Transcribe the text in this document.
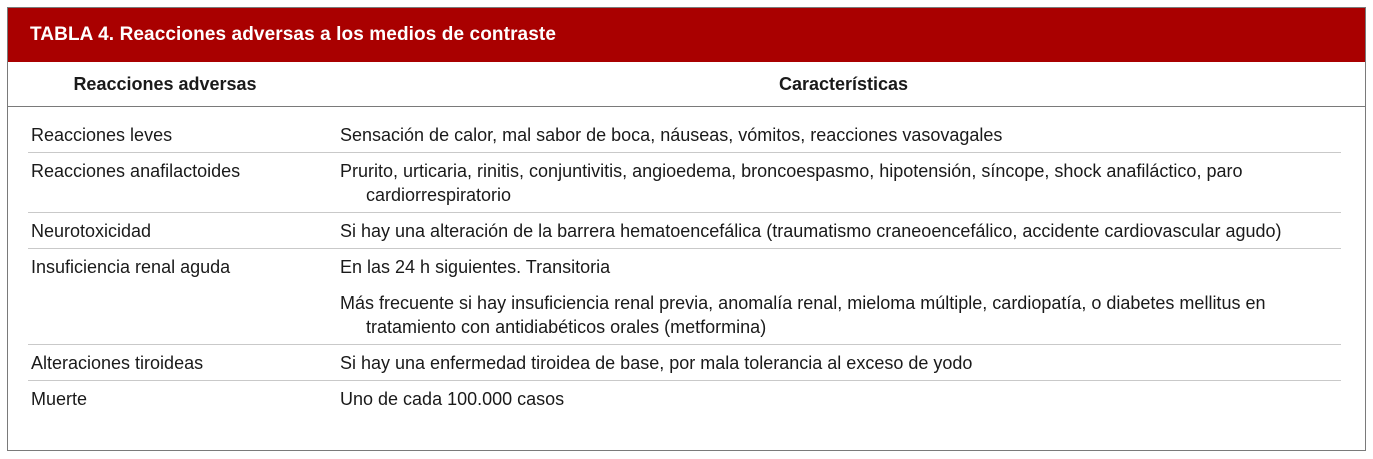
TABLA 4. Reacciones adversas a los medios de contraste
Reacciones adversas	Características
Reacciones leves	Sensación de calor, mal sabor de boca, náuseas, vómitos, reacciones vasovagales
Reacciones anafilactoides	Prurito, urticaria, rinitis, conjuntivitis, angioedema, broncoespasmo, hipotensión, síncope, shock anafiláctico, paro cardiorrespiratorio
Neurotoxicidad	Si hay una alteración de la barrera hematoencefálica (traumatismo craneoencefálico, accidente cardiovascular agudo)
Insuficiencia renal aguda	En las 24 h siguientes. Transitoria
Más frecuente si hay insuficiencia renal previa, anomalía renal, mieloma múltiple, cardiopatía, o diabetes mellitus en tratamiento con antidiabéticos orales (metformina)
Alteraciones tiroideas	Si hay una enfermedad tiroidea de base, por mala tolerancia al exceso de yodo
Muerte	Uno de cada 100.000 casos
